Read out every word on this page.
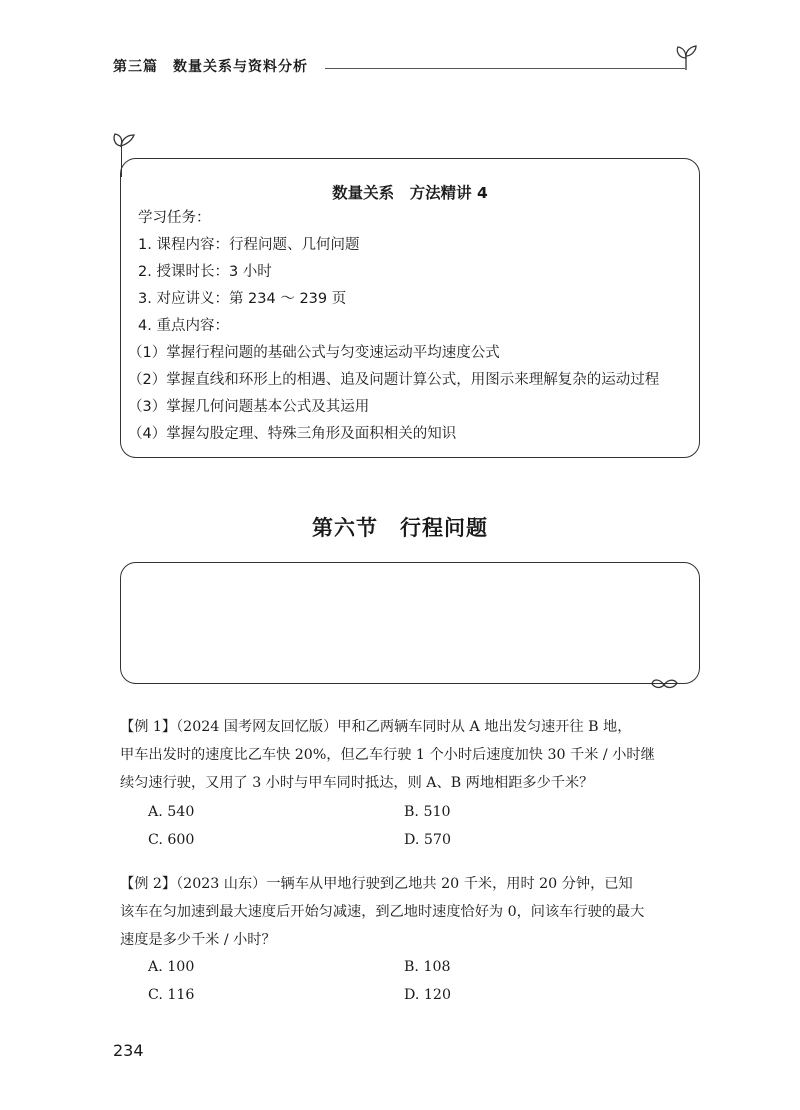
第三篇　数量关系与资料分析
数量关系　方法精讲 4
学习任务：
1. 课程内容：行程问题、几何问题
2. 授课时长：3 小时
3. 对应讲义：第 234 ～ 239 页
4. 重点内容：
（1）掌握行程问题的基础公式与匀变速运动平均速度公式
（2）掌握直线和环形上的相遇、追及问题计算公式，用图示来理解复杂的运动过程
（3）掌握几何问题基本公式及其运用
（4）掌握勾股定理、特殊三角形及面积相关的知识
第六节　行程问题
【例 1】（2024 国考网友回忆版）甲和乙两辆车同时从 A 地出发匀速开往 B 地，
甲车出发时的速度比乙车快 20%，但乙车行驶 1 个小时后速度加快 30 千米 / 小时继
续匀速行驶，又用了 3 小时与甲车同时抵达，则 A、B 两地相距多少千米？
A. 540	B. 510
C. 600	D. 570
【例 2】（2023 山东）一辆车从甲地行驶到乙地共 20 千米，用时 20 分钟，已知
该车在匀加速到最大速度后开始匀减速，到乙地时速度恰好为 0，问该车行驶的最大
速度是多少千米 / 小时？
A. 100	B. 108
C. 116	D. 120
234
